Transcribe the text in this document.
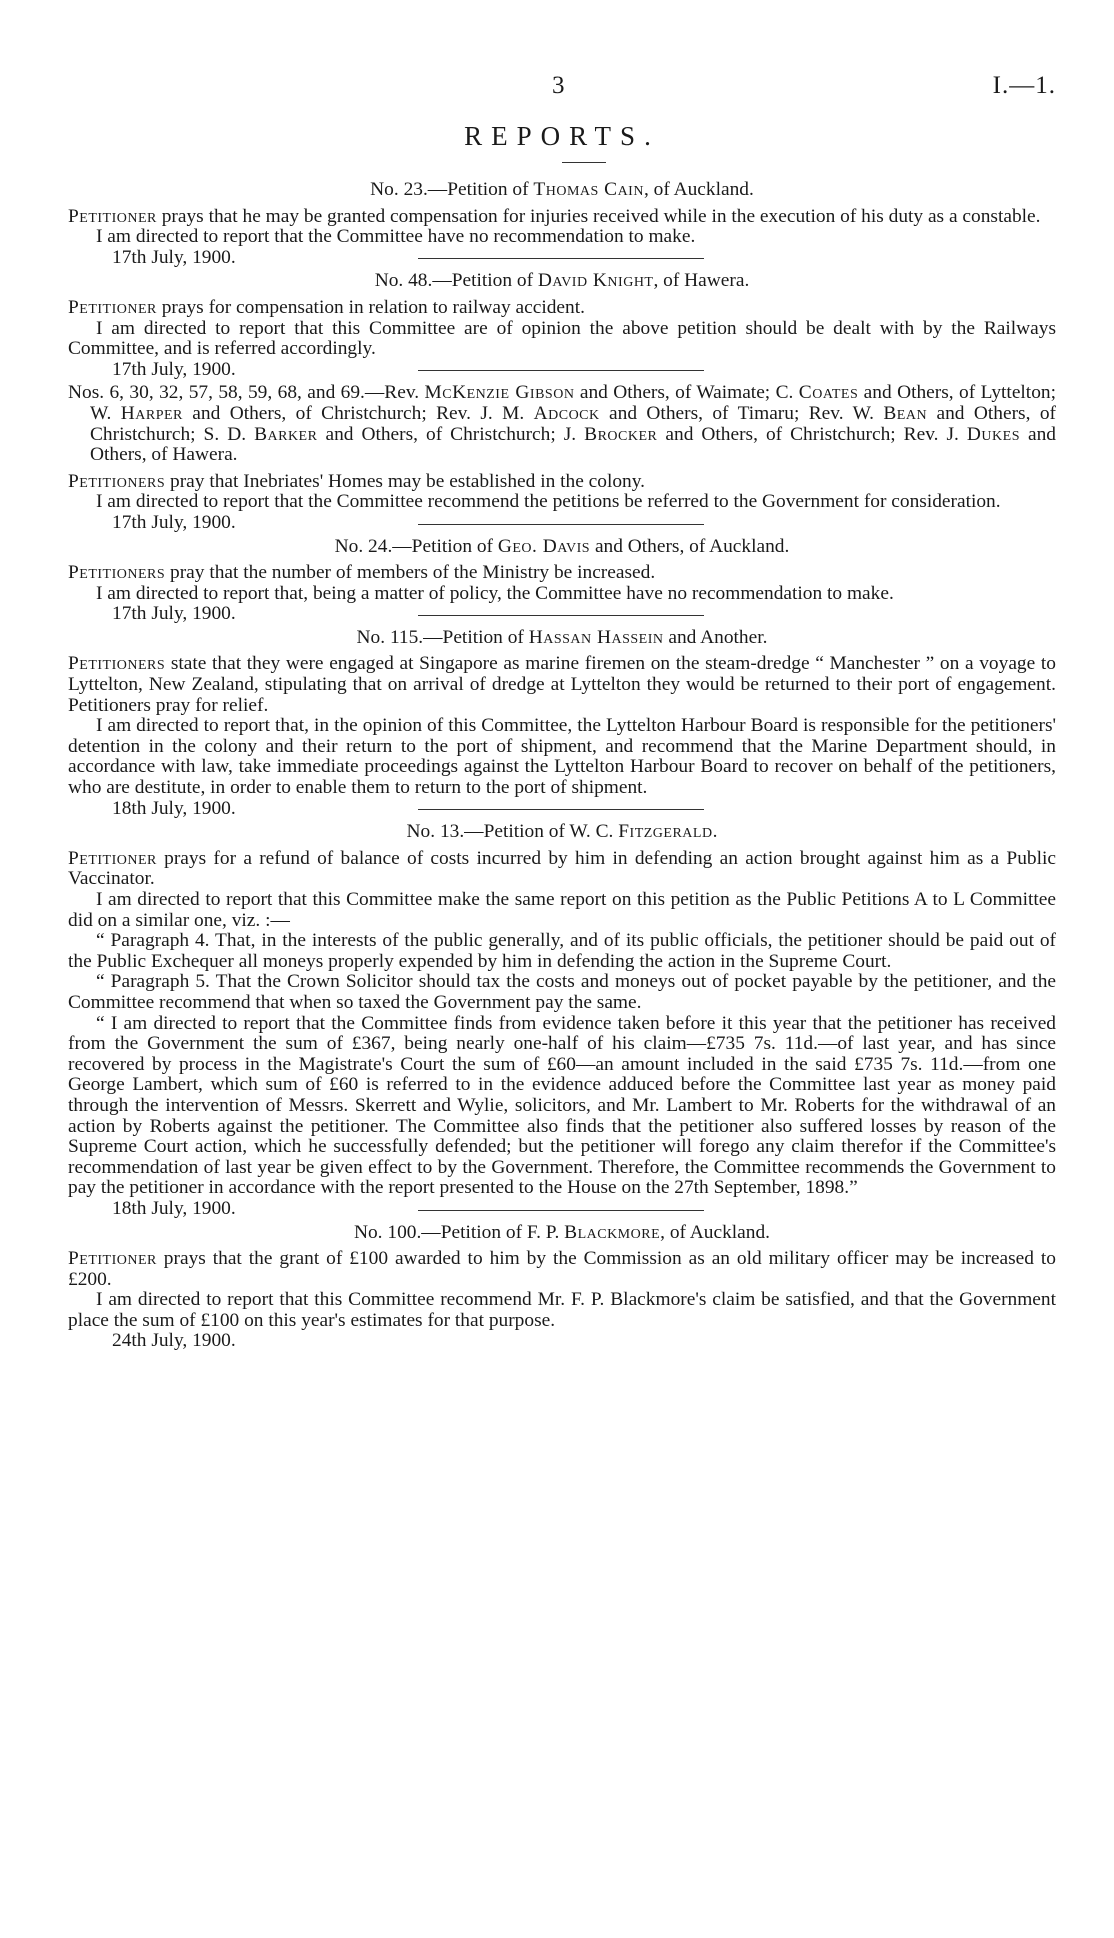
3	I.—1.
REPORTS.
No. 23.—Petition of Thomas Cain, of Auckland.

Petitioner prays that he may be granted compensation for injuries received while in the execution of his duty as a constable.

I am directed to report that the Committee have no recommendation to make.

17th July, 1900.
No. 48.—Petition of David Knight, of Hawera.

Petitioner prays for compensation in relation to railway accident.

I am directed to report that this Committee are of opinion the above petition should be dealt with by the Railways Committee, and is referred accordingly.

17th July, 1900.

Nos. 6, 30, 32, 57, 58, 59, 68, and 69.—Rev. McKenzie Gibson and Others, of Waimate; C. Coates and Others, of Lyttelton; W. Harper and Others, of Christchurch; Rev. J. M. Adcock and Others, of Timaru; Rev. W. Bean and Others, of Christchurch; S. D. Barker and Others, of Christchurch; J. Brocker and Others, of Christchurch; Rev. J. Dukes and Others, of Hawera.

Petitioners pray that Inebriates' Homes may be established in the colony.

I am directed to report that the Committee recommend the petitions be referred to the Government for consideration.

17th July, 1900.
No. 24.—Petition of Geo. Davis and Others, of Auckland.

Petitioners pray that the number of members of the Ministry be increased.

I am directed to report that, being a matter of policy, the Committee have no recommendation to make.

17th July, 1900.
No. 115.—Petition of Hassan Hassein and Another.

Petitioners state that they were engaged at Singapore as marine firemen on the steam-dredge “ Manchester ” on a voyage to Lyttelton, New Zealand, stipulating that on arrival of dredge at Lyttelton they would be returned to their port of engagement. Petitioners pray for relief.

I am directed to report that, in the opinion of this Committee, the Lyttelton Harbour Board is responsible for the petitioners' detention in the colony and their return to the port of shipment, and recommend that the Marine Department should, in accordance with law, take immediate proceedings against the Lyttelton Harbour Board to recover on behalf of the petitioners, who are destitute, in order to enable them to return to the port of shipment.

18th July, 1900.
No. 13.—Petition of W. C. Fitzgerald.

Petitioner prays for a refund of balance of costs incurred by him in defending an action brought against him as a Public Vaccinator.

I am directed to report that this Committee make the same report on this petition as the Public Petitions A to L Committee did on a similar one, viz. :—

“ Paragraph 4. That, in the interests of the public generally, and of its public officials, the petitioner should be paid out of the Public Exchequer all moneys properly expended by him in defending the action in the Supreme Court.

“ Paragraph 5. That the Crown Solicitor should tax the costs and moneys out of pocket payable by the petitioner, and the Committee recommend that when so taxed the Government pay the same.

“ I am directed to report that the Committee finds from evidence taken before it this year that the petitioner has received from the Government the sum of £367, being nearly one-half of his claim—£735 7s. 11d.—of last year, and has since recovered by process in the Magistrate's Court the sum of £60—an amount included in the said £735 7s. 11d.—from one George Lambert, which sum of £60 is referred to in the evidence adduced before the Committee last year as money paid through the intervention of Messrs. Skerrett and Wylie, solicitors, and Mr. Lambert to Mr. Roberts for the withdrawal of an action by Roberts against the petitioner. The Committee also finds that the petitioner also suffered losses by reason of the Supreme Court action, which he successfully defended; but the petitioner will forego any claim therefor if the Committee's recommendation of last year be given effect to by the Government. Therefore, the Committee recommends the Government to pay the petitioner in accordance with the report presented to the House on the 27th September, 1898.”

18th July, 1900.
No. 100.—Petition of F. P. Blackmore, of Auckland.

Petitioner prays that the grant of £100 awarded to him by the Commission as an old military officer may be increased to £200.

I am directed to report that this Committee recommend Mr. F. P. Blackmore's claim be satisfied, and that the Government place the sum of £100 on this year's estimates for that purpose.

24th July, 1900.
